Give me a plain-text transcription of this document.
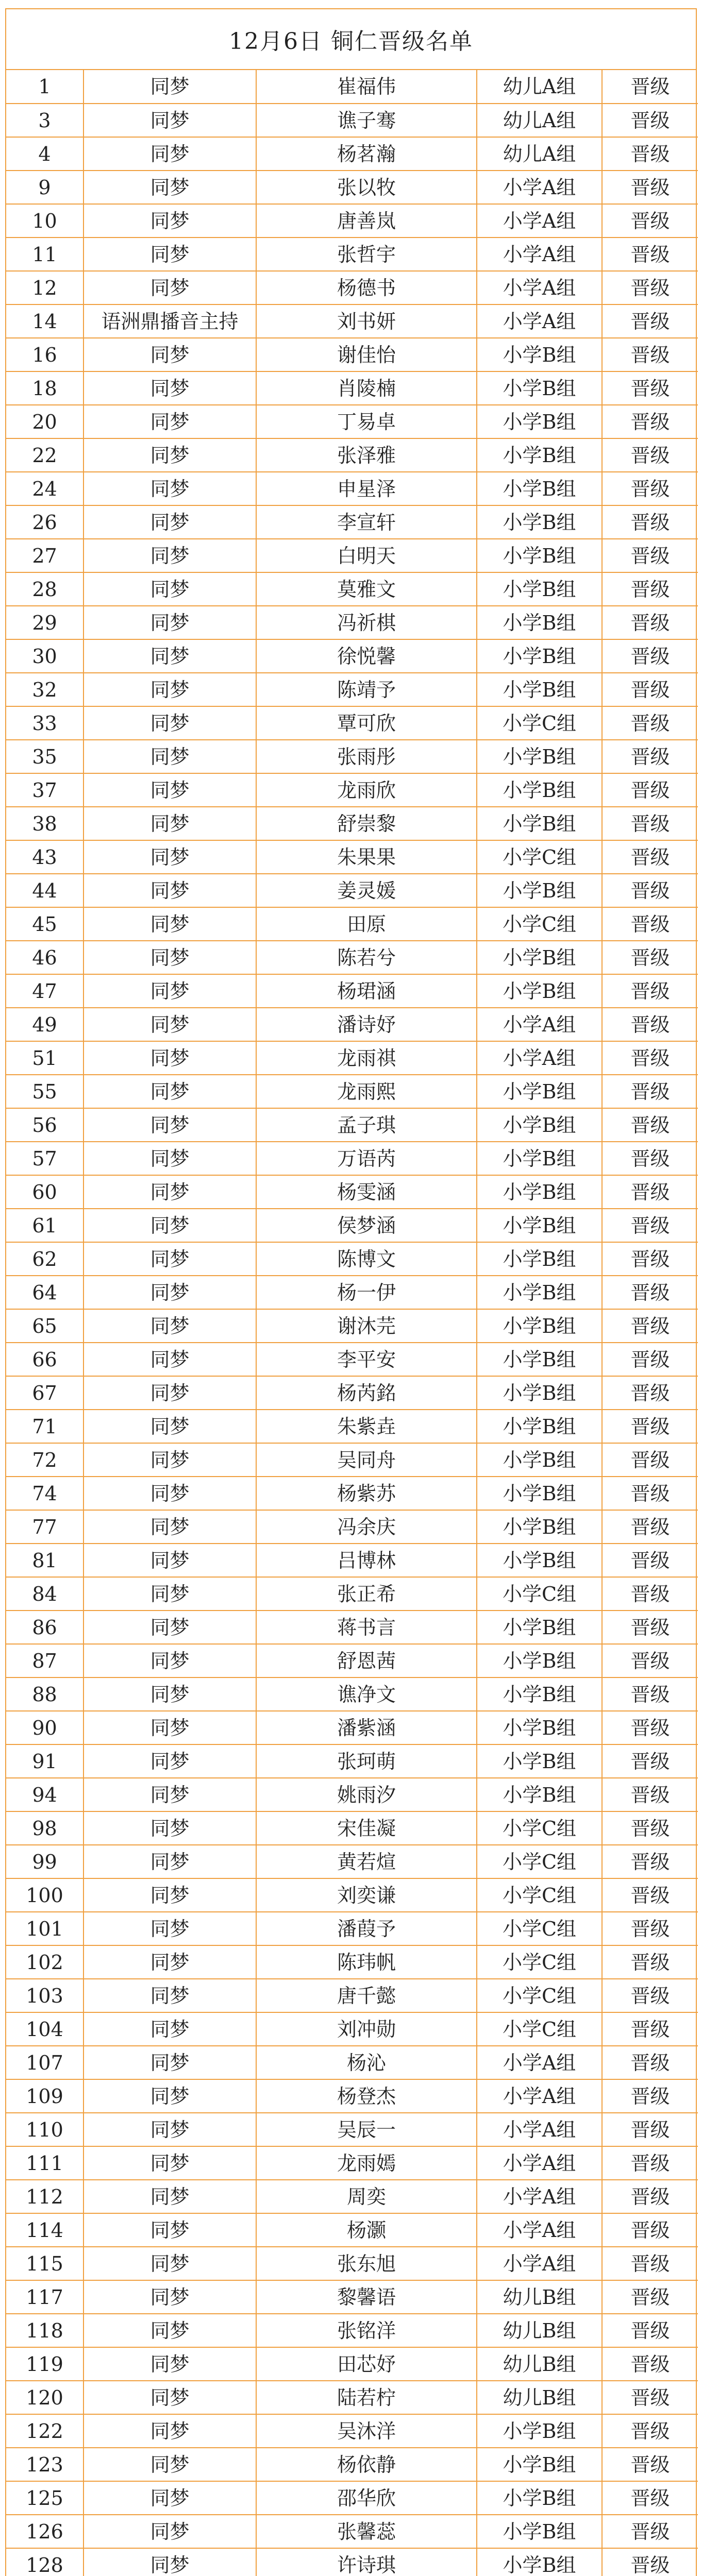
12月6日 铜仁晋级名单
1	同梦	崔福伟	幼儿A组	晋级
3	同梦	谯子骞	幼儿A组	晋级
4	同梦	杨茗瀚	幼儿A组	晋级
9	同梦	张以牧	小学A组	晋级
10	同梦	唐善岚	小学A组	晋级
11	同梦	张哲宇	小学A组	晋级
12	同梦	杨德书	小学A组	晋级
14	语洲鼎播音主持	刘书妍	小学A组	晋级
16	同梦	谢佳怡	小学B组	晋级
18	同梦	肖陵楠	小学B组	晋级
20	同梦	丁易卓	小学B组	晋级
22	同梦	张泽雅	小学B组	晋级
24	同梦	申星泽	小学B组	晋级
26	同梦	李宣轩	小学B组	晋级
27	同梦	白明天	小学B组	晋级
28	同梦	莫雅文	小学B组	晋级
29	同梦	冯祈棋	小学B组	晋级
30	同梦	徐悦馨	小学B组	晋级
32	同梦	陈靖予	小学B组	晋级
33	同梦	覃可欣	小学C组	晋级
35	同梦	张雨彤	小学B组	晋级
37	同梦	龙雨欣	小学B组	晋级
38	同梦	舒崇黎	小学B组	晋级
43	同梦	朱果果	小学C组	晋级
44	同梦	姜灵媛	小学B组	晋级
45	同梦	田原	小学C组	晋级
46	同梦	陈若兮	小学B组	晋级
47	同梦	杨珺涵	小学B组	晋级
49	同梦	潘诗妤	小学A组	晋级
51	同梦	龙雨祺	小学A组	晋级
55	同梦	龙雨熙	小学B组	晋级
56	同梦	孟子琪	小学B组	晋级
57	同梦	万语芮	小学B组	晋级
60	同梦	杨雯涵	小学B组	晋级
61	同梦	侯梦涵	小学B组	晋级
62	同梦	陈博文	小学B组	晋级
64	同梦	杨一伊	小学B组	晋级
65	同梦	谢沐芫	小学B组	晋级
66	同梦	李平安	小学B组	晋级
67	同梦	杨芮銘	小学B组	晋级
71	同梦	朱紫垚	小学B组	晋级
72	同梦	吴同舟	小学B组	晋级
74	同梦	杨紫苏	小学B组	晋级
77	同梦	冯余庆	小学B组	晋级
81	同梦	吕博林	小学B组	晋级
84	同梦	张正希	小学C组	晋级
86	同梦	蒋书言	小学B组	晋级
87	同梦	舒恩茜	小学B组	晋级
88	同梦	谯净文	小学B组	晋级
90	同梦	潘紫涵	小学B组	晋级
91	同梦	张珂萌	小学B组	晋级
94	同梦	姚雨汐	小学B组	晋级
98	同梦	宋佳凝	小学C组	晋级
99	同梦	黄若煊	小学C组	晋级
100	同梦	刘奕谦	小学C组	晋级
101	同梦	潘葭予	小学C组	晋级
102	同梦	陈玮帆	小学C组	晋级
103	同梦	唐千懿	小学C组	晋级
104	同梦	刘冲勋	小学C组	晋级
107	同梦	杨沁	小学A组	晋级
109	同梦	杨登杰	小学A组	晋级
110	同梦	吴辰一	小学A组	晋级
111	同梦	龙雨嫣	小学A组	晋级
112	同梦	周奕	小学A组	晋级
114	同梦	杨灏	小学A组	晋级
115	同梦	张东旭	小学A组	晋级
117	同梦	黎馨语	幼儿B组	晋级
118	同梦	张铭洋	幼儿B组	晋级
119	同梦	田芯妤	幼儿B组	晋级
120	同梦	陆若柠	幼儿B组	晋级
122	同梦	吴沐洋	小学B组	晋级
123	同梦	杨依静	小学B组	晋级
125	同梦	邵华欣	小学B组	晋级
126	同梦	张馨蕊	小学B组	晋级
128	同梦	许诗琪	小学B组	晋级
